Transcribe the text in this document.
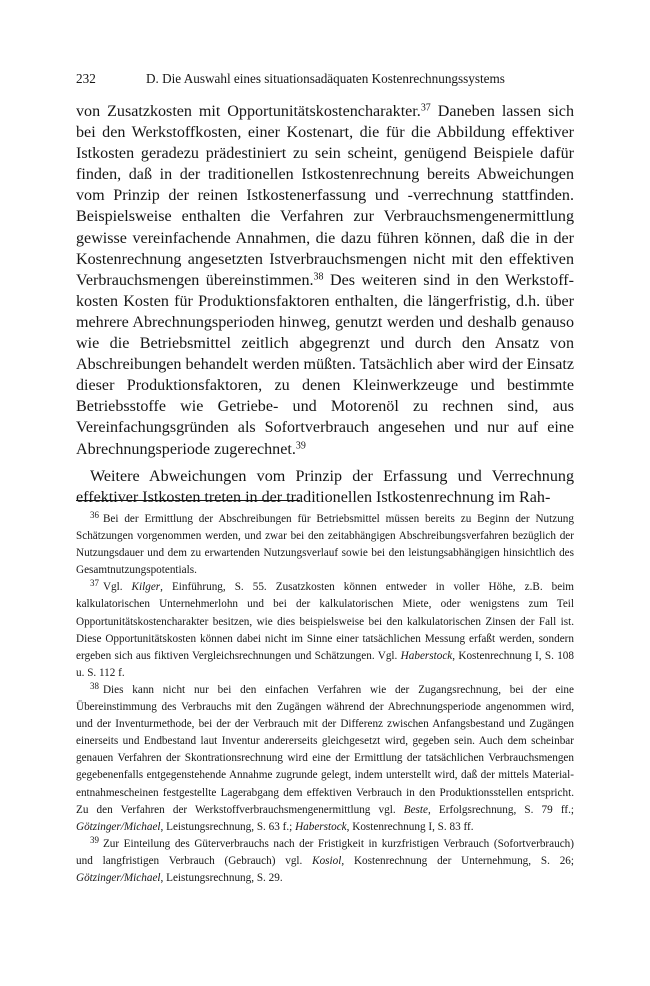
232	D. Die Auswahl eines situationsadäquaten Kostenrechnungssystems

von Zusatzkosten mit Opportunitätskostencharakter.$^{37}$ Daneben lassen sich bei den Werkstoffkosten, einer Kostenart, die für die Abbildung effektiver Istkosten geradezu prädestiniert zu sein scheint, genügend Beispiele dafür finden, daß in der traditionellen Istkostenrechnung bereits Abweichungen vom Prinzip der reinen Istkostenerfassung und -verrechnung stattfinden. Beispielsweise enthalten die Verfahren zur Verbrauchsmengenermittlung gewisse vereinfachende Annahmen, die dazu führen können, daß die in der Kostenrechnung angesetzten Istverbrauchsmengen nicht mit den effektiven Verbrauchsmengen übereinstimmen.$^{38}$ Des weiteren sind in den Werkstoffkosten Kosten für Produktionsfaktoren enthalten, die längerfristig, d.h. über mehrere Abrechnungsperioden hinweg, genutzt werden und deshalb genauso wie die Betriebsmittel zeitlich abgegrenzt und durch den Ansatz von Abschreibungen behandelt werden müßten. Tatsächlich aber wird der Einsatz dieser Produktionsfaktoren, zu denen Kleinwerkzeuge und bestimmte Betriebsstoffe wie Getriebe- und Motorenöl zu rechnen sind, aus Vereinfachungsgründen als Sofortverbrauch angesehen und nur auf eine Abrechnungsperiode zugerechnet.$^{39}$

Weitere Abweichungen vom Prinzip der Erfassung und Verrechnung effektiver Istkosten treten in der traditionellen Istkostenrechnung im Rah-

$^{36}$ Bei der Ermittlung der Abschreibungen für Betriebsmittel müssen bereits zu Beginn der Nutzung Schätzungen vorgenommen werden, und zwar bei den zeitabhängigen Abschreibungsverfahren bezüglich der Nutzungsdauer und dem zu erwartenden Nutzungsverlauf sowie bei den leistungsabhängigen hinsichtlich des Gesamtnutzungspotentials.

$^{37}$ Vgl. Kilger, Einführung, S. 55. Zusatzkosten können entweder in voller Höhe, z.B. beim kalkulatorischen Unternehmerlohn und bei der kalkulatorischen Miete, oder wenigstens zum Teil Opportunitätskostencharakter besitzen, wie dies beispielsweise bei den kalkulatorischen Zinsen der Fall ist. Diese Opportunitätskosten können dabei nicht im Sinne einer tatsächlichen Messung erfaßt werden, sondern ergeben sich aus fiktiven Vergleichsrechnungen und Schätzungen. Vgl. Haberstock, Kostenrechnung I, S. 108 u. S. 112 f.

$^{38}$ Dies kann nicht nur bei den einfachen Verfahren wie der Zugangsrechnung, bei der eine Übereinstimmung des Verbrauchs mit den Zugängen während der Abrechnungsperiode angenommen wird, und der Inventurmethode, bei der der Verbrauch mit der Differenz zwischen Anfangsbestand und Zugängen einerseits und Endbestand laut Inventur andererseits gleichgesetzt wird, gegeben sein. Auch dem scheinbar genauen Verfahren der Skontrationsrechnung wird eine der Ermittlung der tatsächlichen Verbrauchsmengen gegebenenfalls entgegenstehende Annahme zugrunde gelegt, indem unterstellt wird, daß der mittels Materialentnahmescheinen festgestellte Lagerabgang dem effektiven Verbrauch in den Produktionsstellen entspricht. Zu den Verfahren der Werkstoffverbrauchsmengenermittlung vgl. Beste, Erfolgsrechnung, S. 79 ff.; Götzinger/Michael, Leistungsrechnung, S. 63 f.; Haberstock, Kostenrechnung I, S. 83 ff.

$^{39}$ Zur Einteilung des Güterverbrauchs nach der Fristigkeit in kurzfristigen Verbrauch (Sofortverbrauch) und langfristigen Verbrauch (Gebrauch) vgl. Kosiol, Kostenrechnung der Unternehmung, S. 26; Götzinger/Michael, Leistungsrechnung, S. 29.
